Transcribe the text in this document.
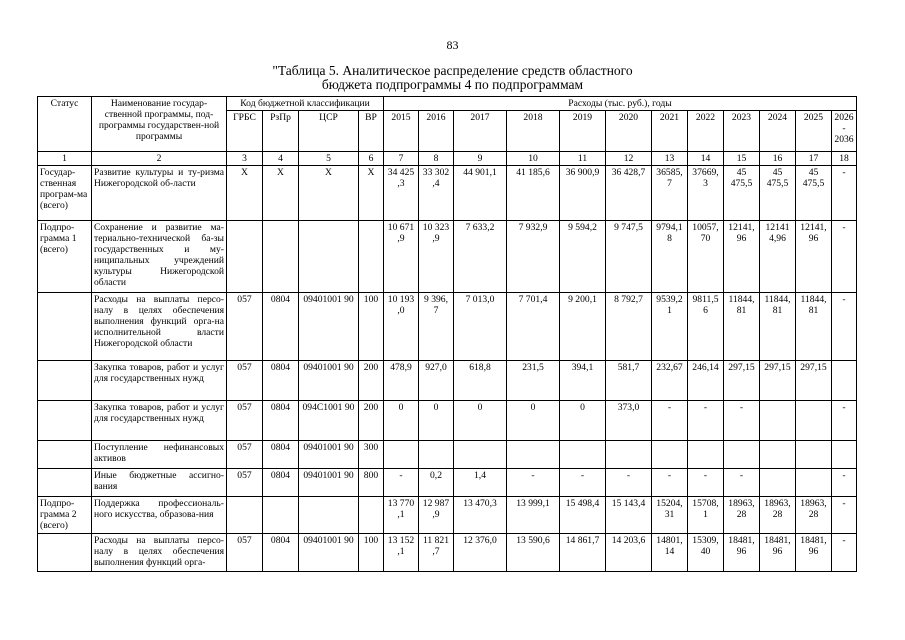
83
"Таблица 5. Аналитическое распределение средств областного
бюджета подпрограммы 4 по подпрограммам
Статус	Наименование государ-ственной программы, под-программы государствен-ной программы	Код бюджетной классификации				Расходы (тыс. руб.), годы											
		ГРБС	РзПр	ЦСР	ВР	2015	2016	2017	2018	2019	2020	2021	2022	2023	2024	2025	2026 - 2036
1	2	3	4	5	6	7	8	9	10	11	12	13	14	15	16	17	18
Государ-ственная програм-ма (всего)	Развитие культуры и ту-ризма Нижегородской об-ласти	Х	Х	Х	Х	34 425 ,3	33 302 ,4	44 901,1	41 185,6	36 900,9	36 428,7	36585, 7	37669, 3	45 475,5	45 475,5	45 475,5	-
Подпро-грамма 1 (всего)	Сохранение и развитие ма-териально-технической ба-зы государственных и му-ниципальных учреждений культуры Нижегородской области					10 671 ,9	10 323 ,9	7 633,2	7 932,9	9 594,2	9 747,5	9794,1 8	10057, 70	12141, 96	12141 4,96	12141, 96	-
	Расходы на выплаты персо-налу в целях обеспечения выполнения функций орга-на исполнительной власти Нижегородской области	057	0804	09401001 90	100	10 193 ,0	9 396, 7	7 013,0	7 701,4	9 200,1	8 792,7	9539,2 1	9811,5 6	11844, 81	11844, 81	11844, 81	-
	Закупка товаров, работ и услуг для государственных нужд	057	0804	09401001 90	200	478,9	927,0	618,8	231,5	394,1	581,7	232,67	246,14	297,15	297,15	297,15	
	Закупка товаров, работ и услуг для государственных нужд	057	0804	094С1001 90	200	0	0	0	0	0	373,0	-	-	-			-
	Поступление нефинансовых активов	057	0804	09401001 90	300												
	Иные бюджетные ассигно-вания	057	0804	09401001 90	800	-	0,2	1,4	-	-	-	-	-	-			-
Подпро-грамма 2 (всего)	Поддержка профессиональ-ного искусства, образова-ния					13 770 ,1	12 987 ,9	13 470,3	13 999,1	15 498,4	15 143,4	15204, 31	15708, 1	18963, 28	18963, 28	18963, 28	-
	Расходы на выплаты персо-налу в целях обеспечения выполнения функций орга-	057	0804	09401001 90	100	13 152 ,1	11 821 ,7	12 376,0	13 590,6	14 861,7	14 203,6	14801, 14	15309, 40	18481, 96	18481, 96	18481, 96	-
